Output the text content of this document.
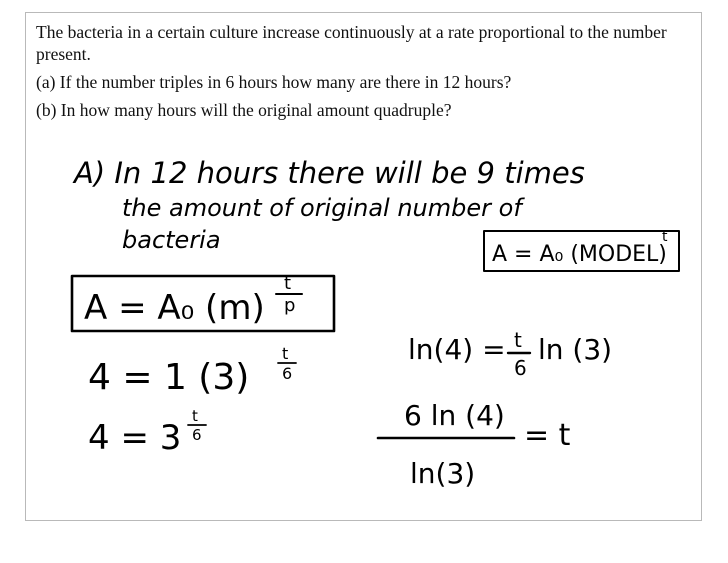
The bacteria in a certain culture increase continuously at a rate proportional to the number present.
(a) If the number triples in 6 hours how many are there in 12 hours?
(b) In how many hours will the original amount quadruple?
A) In 12 hours there will be 9 times
the amount of original number of
bacteria
A = A₀ (MODEL)
t
A = A₀ (m)
t
p
4 = 1 (3)
t
6
4 = 3
t
6
ln(4) = t
6
ln (3)
6 ln (4)
ln(3)
= t
